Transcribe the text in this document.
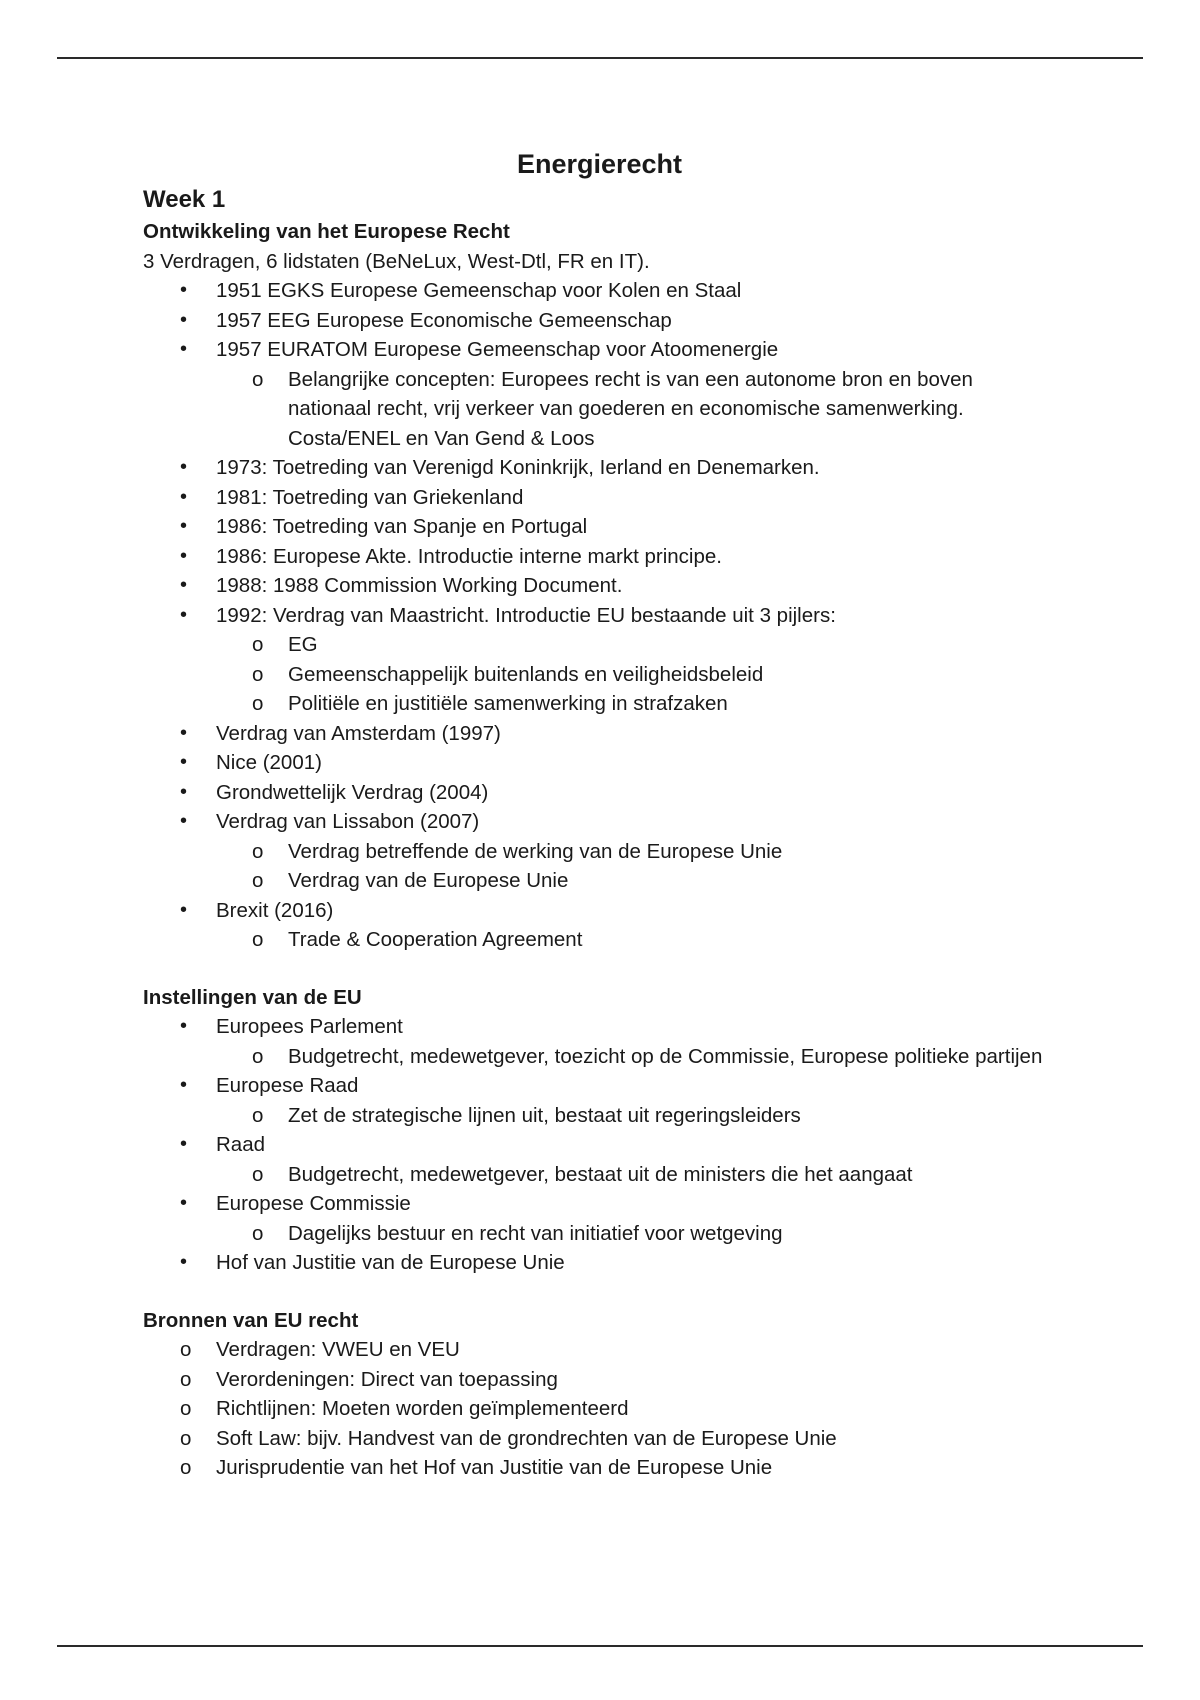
Energierecht
Week 1
Ontwikkeling van het Europese Recht

3 Verdragen, 6 lidstaten (BeNeLux, West-Dtl, FR en IT).

• 1951 EGKS Europese Gemeenschap voor Kolen en Staal
• 1957 EEG Europese Economische Gemeenschap
• 1957 EURATOM Europese Gemeenschap voor Atoomenergie
o Belangrijke concepten: Europees recht is van een autonome bron en boven nationaal recht, vrij verkeer van goederen en economische samenwerking. Costa/ENEL en Van Gend & Loos
• 1973: Toetreding van Verenigd Koninkrijk, Ierland en Denemarken.
• 1981: Toetreding van Griekenland
• 1986: Toetreding van Spanje en Portugal
• 1986: Europese Akte. Introductie interne markt principe.
• 1988: 1988 Commission Working Document.
• 1992: Verdrag van Maastricht. Introductie EU bestaande uit 3 pijlers:
o EG
o Gemeenschappelijk buitenlands en veiligheidsbeleid
o Politiële en justitiële samenwerking in strafzaken
• Verdrag van Amsterdam (1997)
• Nice (2001)
• Grondwettelijk Verdrag (2004)
• Verdrag van Lissabon (2007)
o Verdrag betreffende de werking van de Europese Unie
o Verdrag van de Europese Unie
• Brexit (2016)
o Trade & Cooperation Agreement
Instellingen van de EU
• Europees Parlement
o Budgetrecht, medewetgever, toezicht op de Commissie, Europese politieke partijen
• Europese Raad
o Zet de strategische lijnen uit, bestaat uit regeringsleiders
• Raad
o Budgetrecht, medewetgever, bestaat uit de ministers die het aangaat
• Europese Commissie
o Dagelijks bestuur en recht van initiatief voor wetgeving
• Hof van Justitie van de Europese Unie
Bronnen van EU recht
o Verdragen: VWEU en VEU
o Verordeningen: Direct van toepassing
o Richtlijnen: Moeten worden geïmplementeerd
o Soft Law: bijv. Handvest van de grondrechten van de Europese Unie
o Jurisprudentie van het Hof van Justitie van de Europese Unie
